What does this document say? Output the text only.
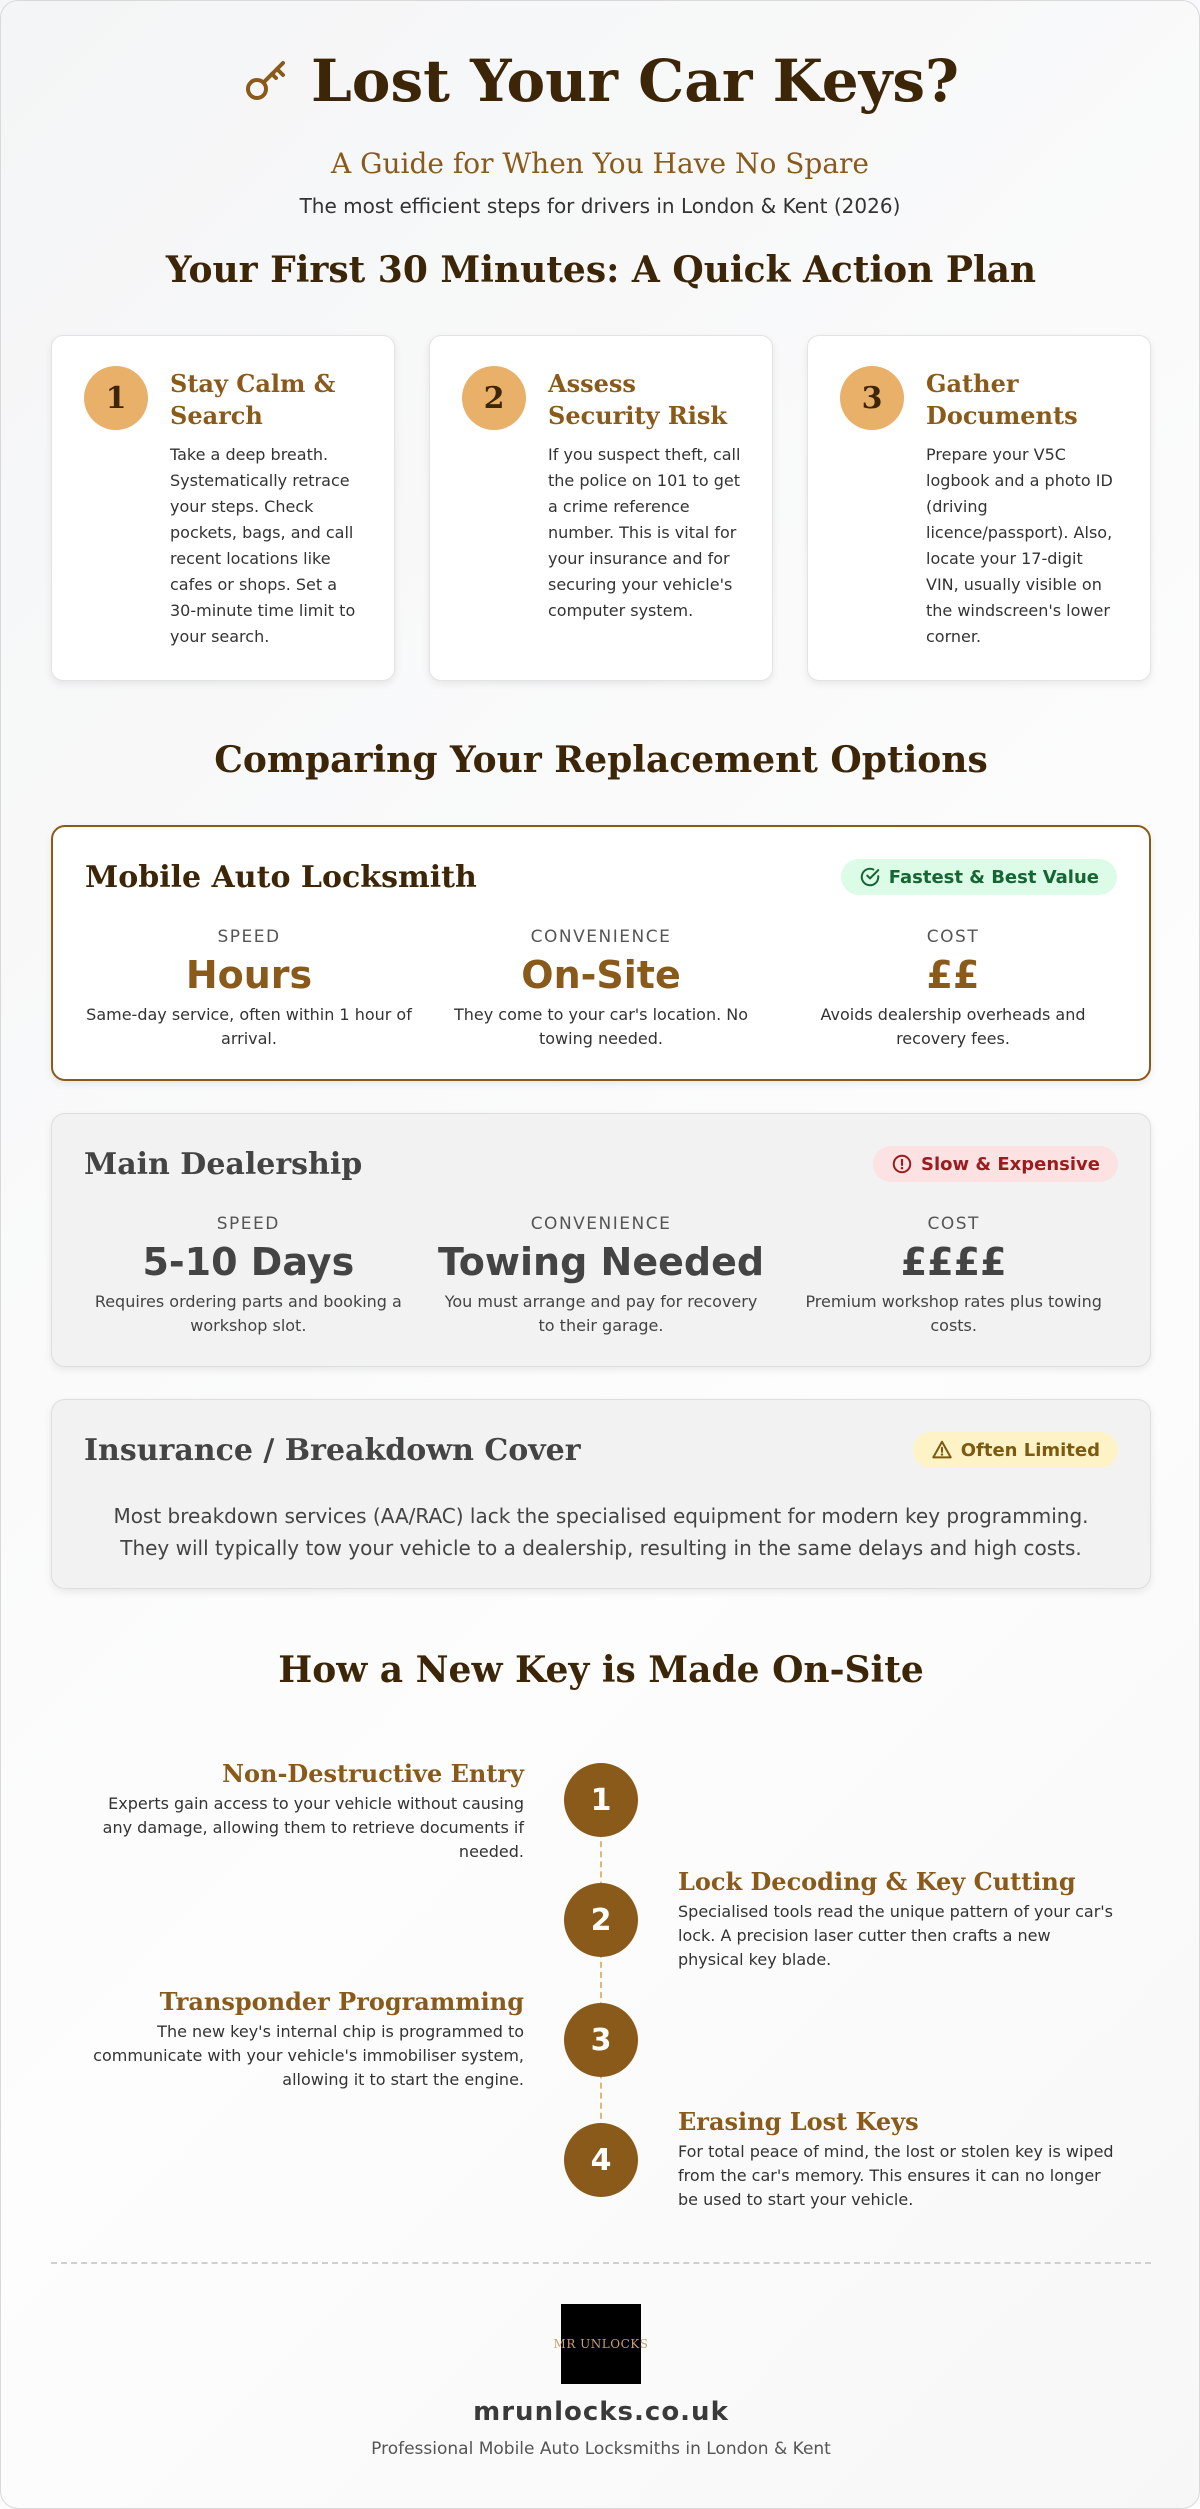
Lost Your Car Keys?
A Guide for When You Have No Spare
The most efficient steps for drivers in London & Kent (2026)
Your First 30 Minutes: A Quick Action Plan
1	Stay Calm & Search
Take a deep breath. Systematically retrace your steps. Check pockets, bags, and call recent locations like cafes or shops. Set a 30-minute time limit to your search.
2	Assess Security Risk
If you suspect theft, call the police on 101 to get a crime reference number. This is vital for your insurance and for securing your vehicle's computer system.
3	Gather Documents
Prepare your V5C logbook and a photo ID (driving licence/passport). Also, locate your 17-digit VIN, usually visible on the windscreen's lower corner.
Comparing Your Replacement Options
Mobile Auto Locksmith	Fastest & Best Value
SPEED
Hours
Same-day service, often within 1 hour of arrival.
CONVENIENCE
On-Site
They come to your car's location. No towing needed.
COST
££
Avoids dealership overheads and recovery fees.
Main Dealership	Slow & Expensive
SPEED
5-10 Days
Requires ordering parts and booking a workshop slot.
CONVENIENCE
Towing Needed
You must arrange and pay for recovery to their garage.
COST
££££
Premium workshop rates plus towing costs.
Insurance / Breakdown Cover	Often Limited
Most breakdown services (AA/RAC) lack the specialised equipment for modern key programming. They will typically tow your vehicle to a dealership, resulting in the same delays and high costs.
How a New Key is Made On-Site
1
Non-Destructive Entry
Experts gain access to your vehicle without causing any damage, allowing them to retrieve documents if needed.
2
Lock Decoding & Key Cutting
Specialised tools read the unique pattern of your car's lock. A precision laser cutter then crafts a new physical key blade.
3
Transponder Programming
The new key's internal chip is programmed to communicate with your vehicle's immobiliser system, allowing it to start the engine.
4
Erasing Lost Keys
For total peace of mind, the lost or stolen key is wiped from the car's memory. This ensures it can no longer be used to start your vehicle.
MR UNLOCKS
mrunlocks.co.uk
Professional Mobile Auto Locksmiths in London & Kent
